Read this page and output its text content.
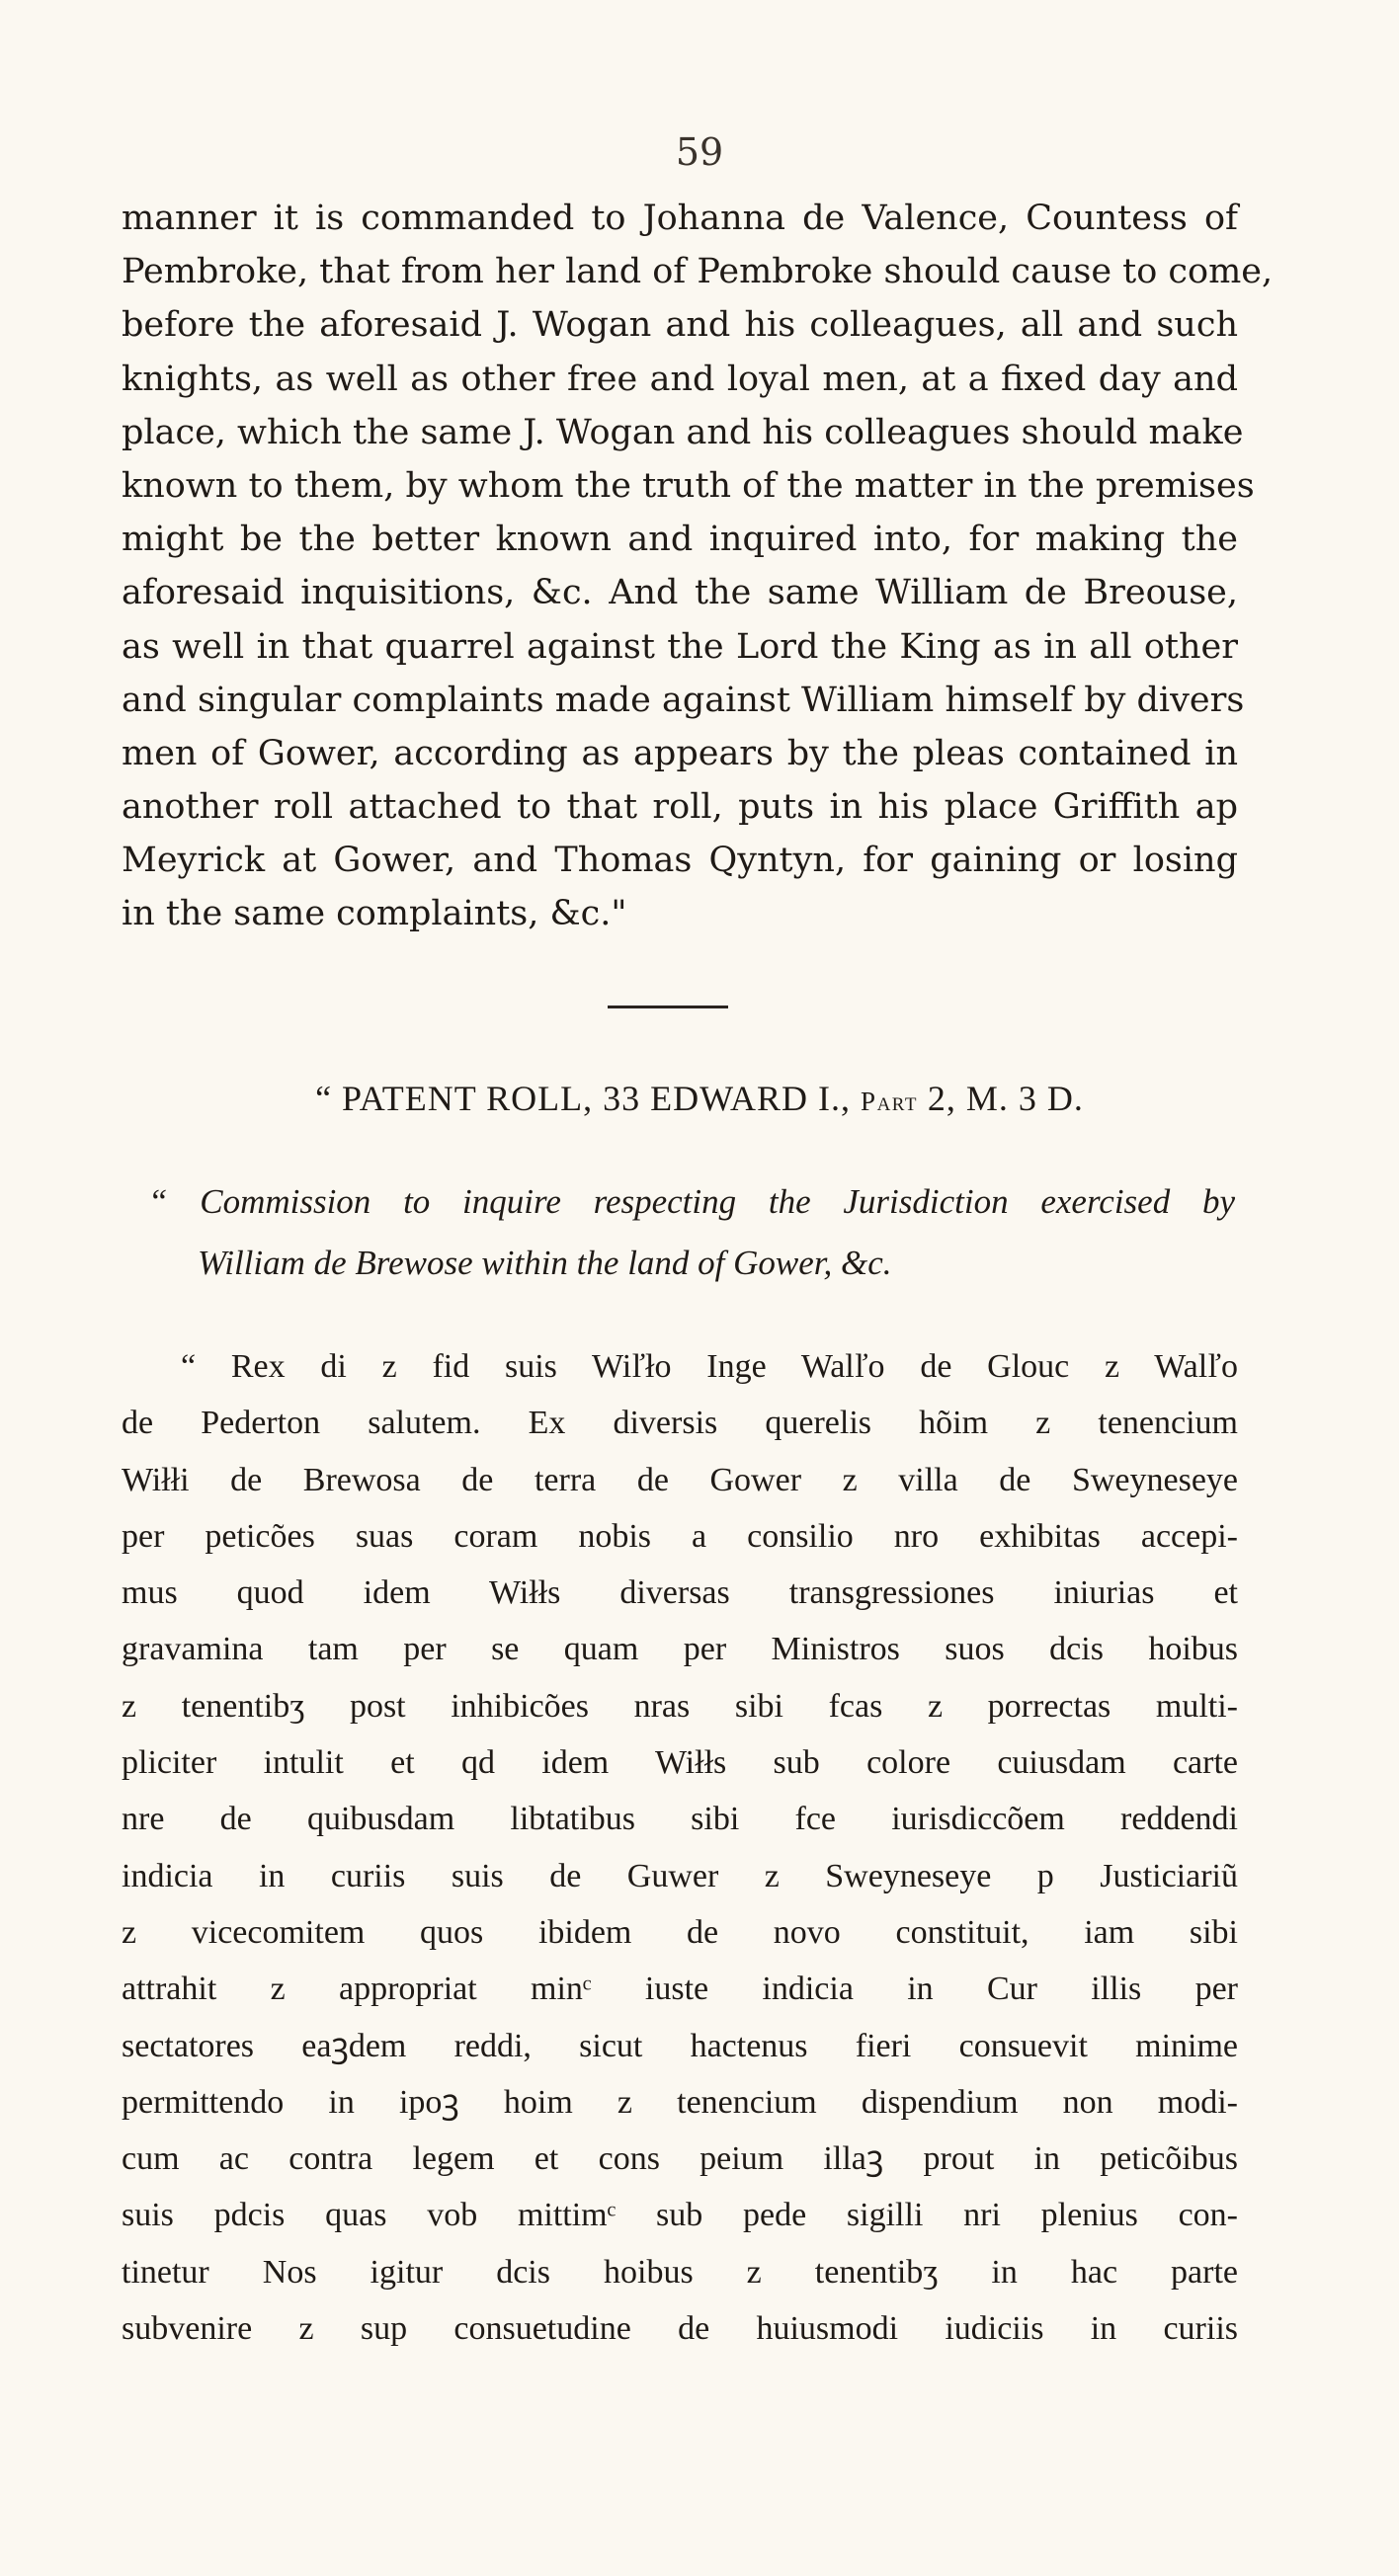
59
manner it is commanded to Johanna de Valence, Countess of
Pembroke, that from her land of Pembroke should cause to come,
before the aforesaid J. Wogan and his colleagues, all and such
knights, as well as other free and loyal men, at a fixed day and
place, which the same J. Wogan and his colleagues should make
known to them, by whom the truth of the matter in the premises
might be the better known and inquired into, for making the
aforesaid inquisitions, &c. And the same William de Breouse,
as well in that quarrel against the Lord the King as in all other
and singular complaints made against William himself by divers
men of Gower, according as appears by the pleas contained in
another roll attached to that roll, puts in his place Griffith ap
Meyrick at Gower, and Thomas Qyntyn, for gaining or losing
in the same complaints, &c."
“ PATENT ROLL, 33 EDWARD I., Part 2, M. 3 D.
“ Commission to inquire respecting the Jurisdiction exercised by
William de Brewose within the land of Gower, &c.
“ Rex di z fid suis Wiľło Inge Walľo de Glouc z Walľo
de Pederton salutem. Ex diversis querelis hõim z tenencium
Wiłłi de Brewosa de terra de Gower z villa de Sweyneseye
per peticões suas coram nobis a consilio nro exhibitas accepi-
mus quod idem Wiłłs diversas transgressiones iniurias et
gravamina tam per se quam per Ministros suos dcis hoibus
z tenentibʒ post inhibicões nras sibi fcas z porrectas multi-
pliciter intulit et qd idem Wiłłs sub colore cuiusdam carte
nre de quibusdam libtatibus sibi fce iurisdiccõem reddendi
indicia in curiis suis de Guwer z Sweyneseye p Justiciariũ
z vicecomitem quos ibidem de novo constituit, iam sibi
attrahit z appropriat minᶜ iuste indicia in Cur illis per
sectatores eaꝫdem reddi, sicut hactenus fieri consuevit minime
permittendo in ipoꝫ hoim z tenencium dispendium non modi-
cum ac contra legem et cons peium illaꝫ prout in peticõibus
suis pdcis quas vob mittimᶜ sub pede sigilli nri plenius con-
tinetur Nos igitur dcis hoibus z tenentibʒ in hac parte
subvenire z sup consuetudine de huiusmodi iudiciis in curiis
